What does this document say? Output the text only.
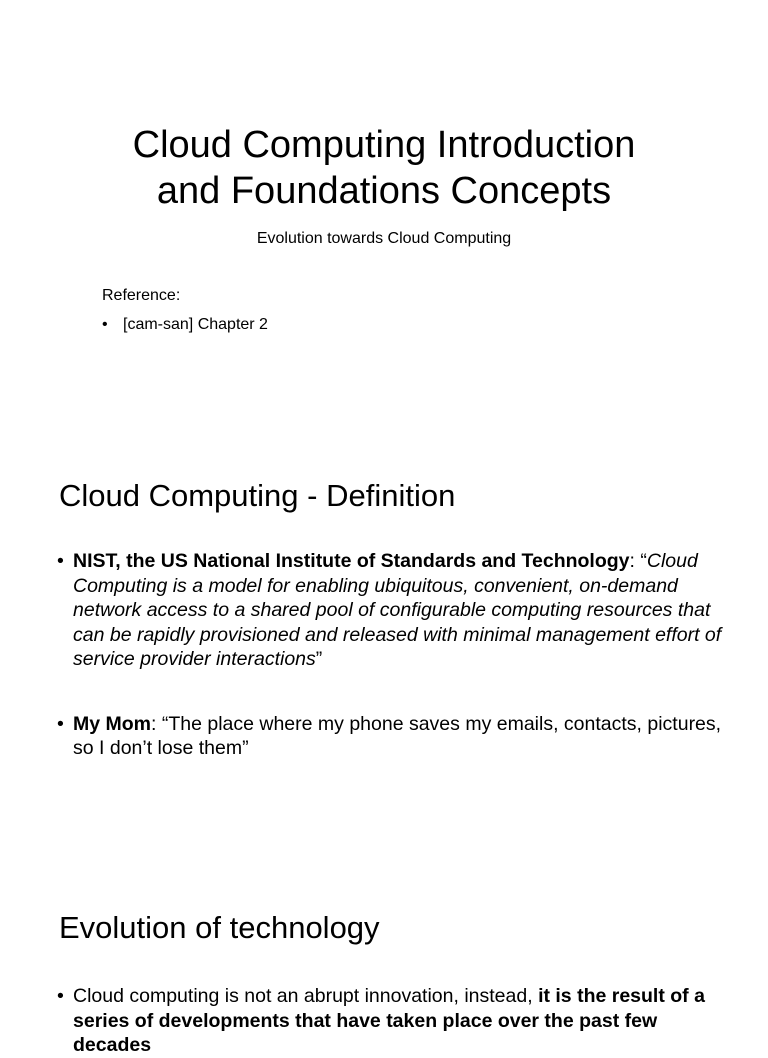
Cloud Computing Introduction
and Foundations Concepts

Evolution towards Cloud Computing

Reference:

• [cam-san] Chapter 2
Cloud Computing - Definition
• NIST, the US National Institute of Standards and Technology: “Cloud Computing is a model for enabling ubiquitous, convenient, on-demand network access to a shared pool of configurable computing resources that can be rapidly provisioned and released with minimal management effort of service provider interactions”
• My Mom: “The place where my phone saves my emails, contacts, pictures, so I don’t lose them”
Evolution of technology
• Cloud computing is not an abrupt innovation, instead, it is the result of a series of developments that have taken place over the past few decades
